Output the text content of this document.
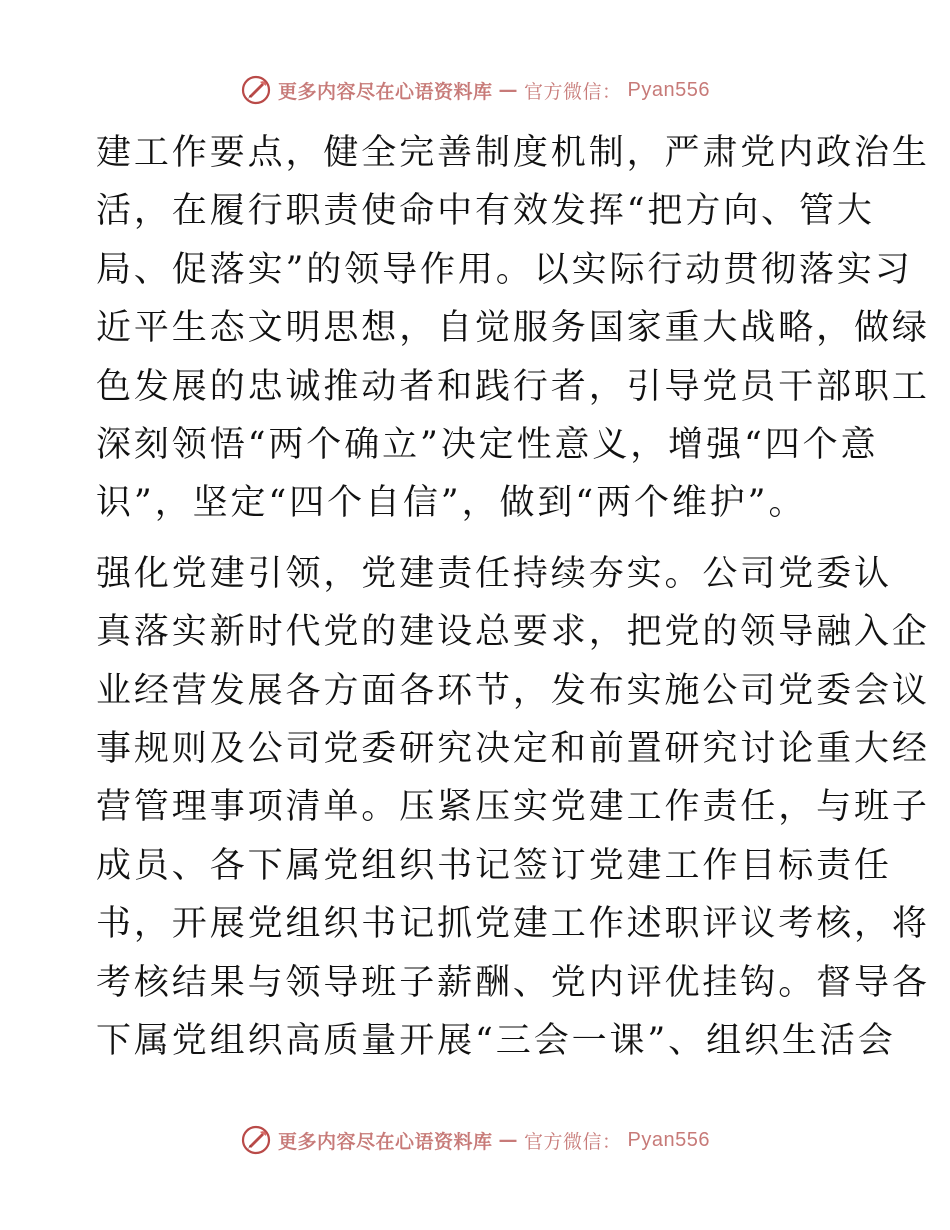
更多内容尽在心语资料库 — 官方微信： Pyan556

建工作要点，健全完善制度机制，严肃党内政治生
活，在履行职责使命中有效发挥“把方向、管大
局、促落实”的领导作用。以实际行动贯彻落实习
近平生态文明思想，自觉服务国家重大战略，做绿
色发展的忠诚推动者和践行者，引导党员干部职工
深刻领悟“两个确立”决定性意义，增强“四个意
识”，坚定“四个自信”，做到“两个维护”。

强化党建引领，党建责任持续夯实。公司党委认
真落实新时代党的建设总要求，把党的领导融入企
业经营发展各方面各环节，发布实施公司党委会议
事规则及公司党委研究决定和前置研究讨论重大经
营管理事项清单。压紧压实党建工作责任，与班子
成员、各下属党组织书记签订党建工作目标责任
书，开展党组织书记抓党建工作述职评议考核，将
考核结果与领导班子薪酬、党内评优挂钩。督导各
下属党组织高质量开展“三会一课”、组织生活会

更多内容尽在心语资料库 — 官方微信： Pyan556
